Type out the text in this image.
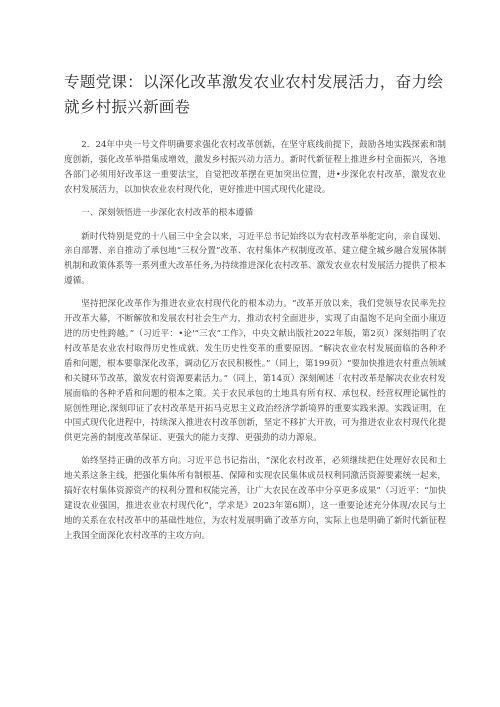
专题党课：以深化改革激发农业农村发展活力，奋力绘就乡村振兴新画卷

2．24年中央一号文件明确要求强化农村改革创新，在坚守底线前提下，鼓励各地实践探索和制度创新，强化改革举措集成增效，激发乡村振兴动力活力。新时代新征程上推进乡村全面振兴，各地各部门必须用好改革这一重要法宝，自觉把改革摆在更加突出位置，进•步深化农村改革，激发农业农村发展活力，以加快农业农村现代化，更好推进中国式现代化建设。

一、深刻领悟进一步深化农村改革的根本遵循

新时代特别是党的十八届三中全会以来，习近平总书记始终以为农村改革举舵定向，亲自谋划、亲自部署、亲自推动了承包地“三权分置”改革、农村集体产权制度改革、建立健全城乡融合发展体制机制和政策体系等一系列重大改革任务,为持续推进深化农村改革、激发农业农村发展活力提供了根本遵循。

坚持把深化改革作为推进农业农村现代化的根本动力。“改革开放以来，我们党领导农民率先拉开改革大幕，不断解放和发展农村社会生产力，推动农村全面进步，实现了由温饱不足向全面小康迈进的历史性跨越。”（习近平：•论'“三农”工作》，中央文献出版社2022年版，第2页）深刻指明了农村改革是农业农村取得历史性成就、发生历史性变革的重要原因。“解决农业农村发展面临的各种矛盾和问题，根本要靠深化改革，调动亿万农民积极性。”（同上，第199页）“要加快推进农村重点领域和关键环节改革，激发农村资源要素活力。”（同上，第14页）深刻阐述「农村改革是解决农业农村发展面临的各种矛盾和问题的根本之策。关于农民承包的土地具有所有权、承包权、经营权理论属性的原创性理论,深刻印证了农村改革是开拓马克思主义政治经济学新境界的重要实践来源。实践证明，在中国式现代化进程中，持续深入推进农村改革创新，坚定不移扩大开放，可为推进农业农村现代化提供更完善的制度改革保证、更强大的能力支撑、更强劲的动力源泉。

始终坚持正确的改革方向。习近平总书记指出，“深化农村改革，必须继续把住处理好农民和土地关系这条主线，把强化集体所有制根基、保障和实现农民集体成员权利同激活资源要素统一起来，搞好农村集体资源资产的权利分置和权能完善，让广大农民在改革中分享更多成果”（习近平：“加快建设农业强国，推进农业农村现代化”，学求是》2023年第6期），这一重要论述充分体现/农民与土地的关系在农村改革中的基础性地位，为农村发展明确了改革方向，实际上也是明确了新时代新征程上我国全面深化农村改革的主攻方向。
